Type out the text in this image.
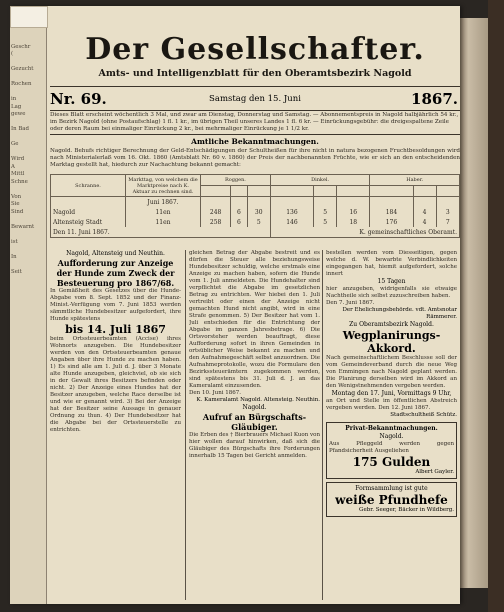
Geschr
(

Gezucht

Rochen

in
Lag
gewe

In Bad

Ge

Wird
A
Mittl
Schne

Von
Sie
Sind

Bewarnt

ist

In

Seit

Der Gesellschafter.
Amts- und Intelligenzblatt für den Oberamtsbezirk Nagold
Nr. 69.	Samstag den 15. Juni	1867.
Dieses Blatt erscheint wöchentlich 3 Mal, und zwar am Dienstag, Donnerstag und Samstag. — Abonnementspreis in Nagold halbjährlich 54 kr., im Bezirk Nagold (ohne Postaufschlag) 1 fl. 1 kr., im übrigen Theil unseres Landes 1 fl. 6 kr. — Einrückungsgebühr: die dreigespaltene Zeile oder deren Raum bei einmaliger Einrückung 2 kr., bei mehrmaliger Einrückung je 1 1/2 kr.
Amtliche Bekanntmachungen.
Nagold. Behufs richtiger Berechnung der Geld-Entschädigungen der Schultheißen für ihre nicht in natura bezogenen Fruchtbesoldungen wird nach Ministerialerlaß vom 16. Okt. 1860 (Amtsblatt Nr. 60 v. 1860) der Preis der nachbenannten Früchte, wie er sich an den entscheidenden Marktag gestellt hat, hiedurch zur Nachachtung bekannt gemacht:
Schranne.	Markttag, von welchem die Marktpreise nach K. Aktuar zu rechnen sind.	Roggen.			Dinkel.			Haber.		

	Juni 1867.									
Nagold	11en	248	6	30	136	5	16	184	4	3
Altensteig Stadt	11en	258	6	5	146	5	18	176	4	7
Den 11. Juni 1867.					K. gemeinschaftliches Oberamt.					
Nagold, Altensteig und Neuthin.
Aufforderung zur Anzeige der Hunde zum Zweck der Besteuerung pro 1867/68.
In Gemäßheit des Gesetzes über die Hunde-Abgabe vom 8. Sept. 1852 und der Finanz-Minist.-Verfügung vom 7. Juni 1853 werden sämmtliche Hundebesitzer aufgefordert, ihre Hunde spätestens
bis 14. Juli 1867
beim Ortssteuerbeamten (Accise) ihres Wohnorts anzugeben. Die Hundebesitzer werden von den Ortssteuerbeamten genaue Angaben über ihre Hunde zu machen haben. 1) Es sind alle am 1. Juli d. J. über 3 Monate alte Hunde anzugeben, gleichviel, ob sie sich in der Gewalt ihres Besitzers befinden oder nicht. 2) Der Anzeige eines Hundes hat der Besitzer anzugeben, welche Race derselbe ist und wie er genannt wird. 3) Bei der Anzeige hat der Besitzer seine Aussage in genauer Ordnung zu thun. 4) Der Hundebesitzer hat die Abgabe bei der Ortssteuerstelle zu entrichten.
gleichen Betrag der Abgabe bestreit und es dürfen die Steuer alle beziehungsweise Hundebesitzer schuldig, welche erstmals eine Anzeige zu machen haben, sofern die Hunde vom 1. Juli anmeldeten. Die Hundehalter sind verpflichtet die Abgabe im gesetzlichen Betrag zu entrichten. Wer hiebei den 1. Juli vertreibt oder einen der Anzeige nicht gemachten Hund nicht angibt, wird in eine Strafe genommen. 5) Der Besitzer hat vom 1. Juli entschieden für die Entrichtung der Abgabe im ganzen Jahresbetrage. 6) Die Ortsvorsteher werden beauftragt, diese Aufforderung sofort in ihren Gemeinden in ortsüblicher Weise bekannt zu machen und den Aufnahmegeschäft selbst anzuordnen. Die Aufnahmeprotokolle, wozu die Formulare den Bezirkssteuerämtern zugekommen werden, sind spätestens bis 31. Juli d. J. an das Kameralamt einzusenden.
Den 10. Juni 1867.
K. Kameralamt Nagold. Altensteig. Neuthin.
Nagold.
Aufruf an Bürgschafts-Gläubiger.
Die Erben des † Bierbrauers Michael Kuon von hier wollen darauf hinwirken, daß sich die Gläubiger des Bürgschafts ihre Forderungen innerhalb 15 Tagen bei Gericht anmelden.
bestellen werden vom Diesseitigen, gegen welche d. W. bewarbte Verbindlichkeiten eingegangen hat, hiemit aufgefordert, solche innert
15 Tagen
hier anzugeben, widrigenfalls sie etwaige Nachtheile sich selbst zuzuschreiben haben.
Den 7. Juni 1867.
Der Ehelichungsbehörde. vdt. Amtsnotar Rämmerer.
Zu Oberamtsbezirk Nagold.
Wegplanirungs-Akkord.
Nach gemeinschaftlichem Beschlusse soll der vom Gemeindeverband durch die neue Weg von Emmingen nach Nagold geplant werden. Die Planirung derselben wird im Akkord an den Wenigstnehmenden vergeben werden.
Montag den 17. Juni, Vormittags 9 Uhr,
an Ort und Stelle im öffentlichen Abstreich vergeben werden. Den 12. Juni 1867.
Stadtschultheiß Schütz.
Privat-Bekanntmachungen.
Nagold.
Aus Pfleggeld werden gegen Pfandsicherheit Ausgeliehen
175 Gulden
Albert Gayler.
Formsammlung ist gute
weiße Pfundhefe
Gebr. Seeger, Bäcker in Wildberg.
